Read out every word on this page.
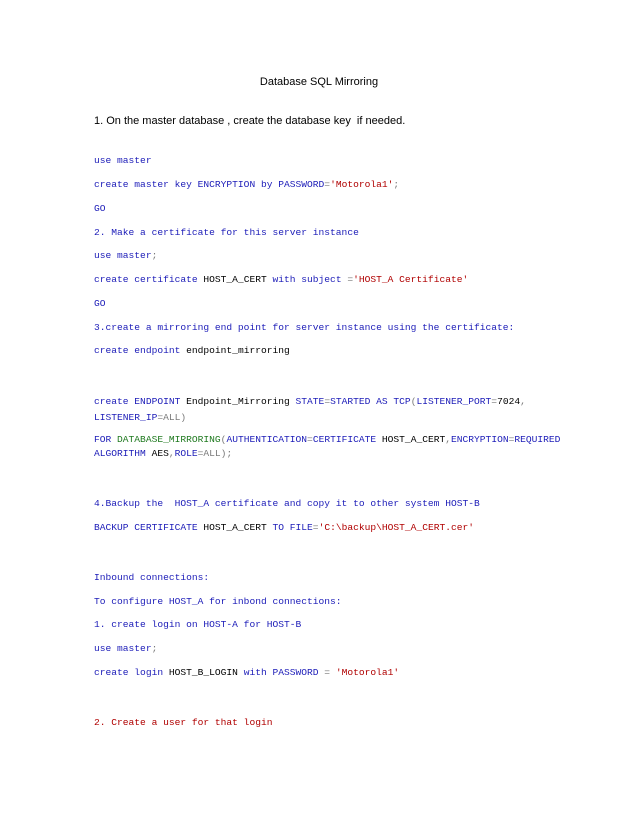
Database SQL Mirroring
1. On the master database , create the database key  if needed.
use master
create master key ENCRYPTION by PASSWORD='Motorola1';
GO
2. Make a certificate for this server instance
use master;
create certificate HOST_A_CERT with subject ='HOST_A Certificate'
GO
3.create a mirroring end point for server instance using the certificate:
create endpoint endpoint_mirroring
create ENDPOINT Endpoint_Mirroring STATE=STARTED AS TCP(LISTENER_PORT=7024,
LISTENER_IP=ALL)
FOR DATABASE_MIRRORING(AUTHENTICATION=CERTIFICATE HOST_A_CERT,ENCRYPTION=REQUIRED
ALGORITHM AES,ROLE=ALL);
4.Backup the  HOST_A certificate and copy it to other system HOST-B
BACKUP CERTIFICATE HOST_A_CERT TO FILE='C:\backup\HOST_A_CERT.cer'
Inbound connections:
To configure HOST_A for inbond connections:
1. create login on HOST-A for HOST-B
use master;
create login HOST_B_LOGIN with PASSWORD = 'Motorola1'
2. Create a user for that login
